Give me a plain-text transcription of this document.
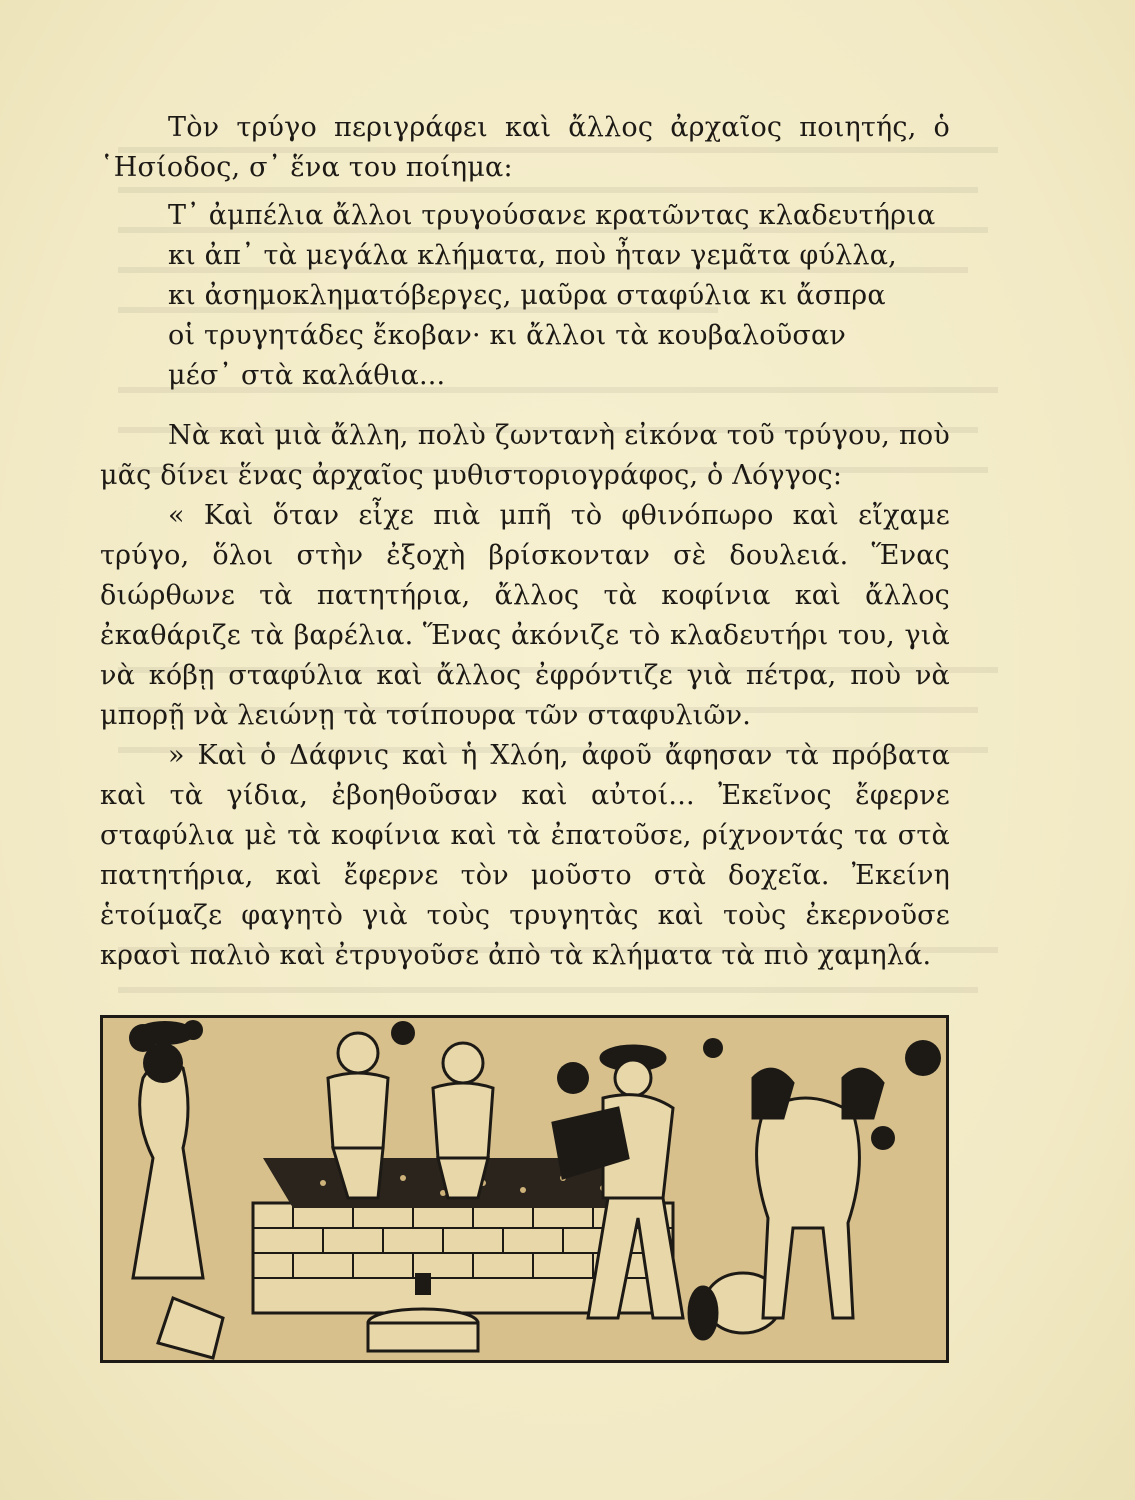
Τὸν τρύγο περιγράφει καὶ ἄλλος ἀρχαῖος ποιητής, ὁ ῾Ησίοδος, σ᾽ ἕνα του ποίημα:

Τ᾽ ἀμπέλια ἄλλοι τρυγούσανε κρατῶντας κλαδευτήρια
κι ἀπ᾽ τὰ μεγάλα κλήματα, ποὺ ἦταν γεμᾶτα φύλλα,
κι ἀσημοκληματόβεργες, μαῦρα σταφύλια κι ἄσπρα
οἱ τρυγητάδες ἔκοβαν· κι ἄλλοι τὰ κουβαλοῦσαν
μέσ᾽ στὰ καλάθια...

Νὰ καὶ μιὰ ἄλλη, πολὺ ζωντανὴ εἰκόνα τοῦ τρύγου, ποὺ μᾶς δίνει ἕνας ἀρχαῖος μυθιστοριογράφος, ὁ Λόγγος:

« Καὶ ὅταν εἶχε πιὰ μπῆ τὸ φθινόπωρο καὶ εἴχαμε τρύγο, ὅλοι στὴν ἐξοχὴ βρίσκονταν σὲ δουλειά. Ἕνας διώρθωνε τὰ πατητήρια, ἄλλος τὰ κοφίνια καὶ ἄλλος ἐκαθάριζε τὰ βαρέλια. Ἕνας ἀκόνιζε τὸ κλαδευτήρι του, γιὰ νὰ κόβῃ σταφύλια καὶ ἄλλος ἐφρόντιζε γιὰ πέτρα, ποὺ νὰ μπορῇ νὰ λειώνῃ τὰ τσίπουρα τῶν σταφυλιῶν.

» Καὶ ὁ Δάφνις καὶ ἡ Χλόη, ἀφοῦ ἄφησαν τὰ πρόβατα καὶ τὰ γίδια, ἐβοηθοῦσαν καὶ αὐτοί... Ἐκεῖνος ἔφερνε σταφύλια μὲ τὰ κοφίνια καὶ τὰ ἐπατοῦσε, ρίχνοντάς τα στὰ πατητήρια, καὶ ἔφερνε τὸν μοῦστο στὰ δοχεῖα. Ἐκείνη ἑτοίμαζε φαγητὸ γιὰ τοὺς τρυγητὰς καὶ τοὺς ἐκερνοῦσε κρασὶ παλιὸ καὶ ἐτρυγοῦσε ἀπὸ τὰ κλήματα τὰ πιὸ χαμηλά.
